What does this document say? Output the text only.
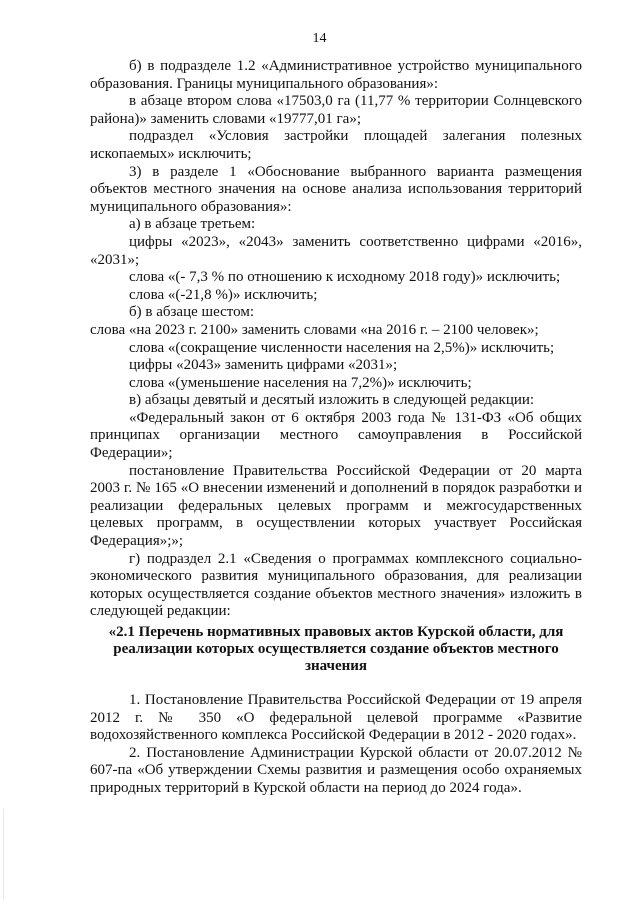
14

б) в подразделе 1.2 «Административное устройство муниципального образования. Границы муниципального образования»:

в абзаце втором слова «17503,0 га (11,77 % территории Солнцевского района)» заменить словами «19777,01 га»;

подраздел «Условия застройки площадей залегания полезных ископаемых» исключить;

3) в разделе 1 «Обоснование выбранного варианта размещения объектов местного значения на основе анализа использования территорий муниципального образования»:

а) в абзаце третьем:

цифры «2023», «2043» заменить соответственно цифрами «2016», «2031»;

слова «(- 7,3 % по отношению к исходному 2018 году)» исключить;

слова «(-21,8 %)» исключить;

б) в абзаце шестом:

слова «на 2023 г. 2100» заменить словами «на 2016 г. – 2100 человек»;

слова «(сокращение численности населения на 2,5%)» исключить;

цифры «2043» заменить цифрами «2031»;

слова «(уменьшение населения на 7,2%)» исключить;

в) абзацы девятый и десятый изложить в следующей редакции:

«Федеральный закон от 6 октября 2003 года № 131-ФЗ «Об общих принципах организации местного самоуправления в Российской Федерации»;

постановление Правительства Российской Федерации от 20 марта 2003 г. № 165 «О внесении изменений и дополнений в порядок разработки и реализации федеральных целевых программ и межгосударственных целевых программ, в осуществлении которых участвует Российская Федерация»;»;

г) подраздел 2.1 «Сведения о программах комплексного социально-экономического развития муниципального образования, для реализации которых осуществляется создание объектов местного значения» изложить в следующей редакции:

«2.1 Перечень нормативных правовых актов Курской области, для реализации которых осуществляется создание объектов местного значения

1. Постановление Правительства Российской Федерации от 19 апреля 2012 г. № 350 «О федеральной целевой программе «Развитие водохозяйственного комплекса Российской Федерации в 2012 - 2020 годах».

2. Постановление Администрации Курской области от 20.07.2012 № 607-па «Об утверждении Схемы развития и размещения особо охраняемых природных территорий в Курской области на период до 2024 года».
